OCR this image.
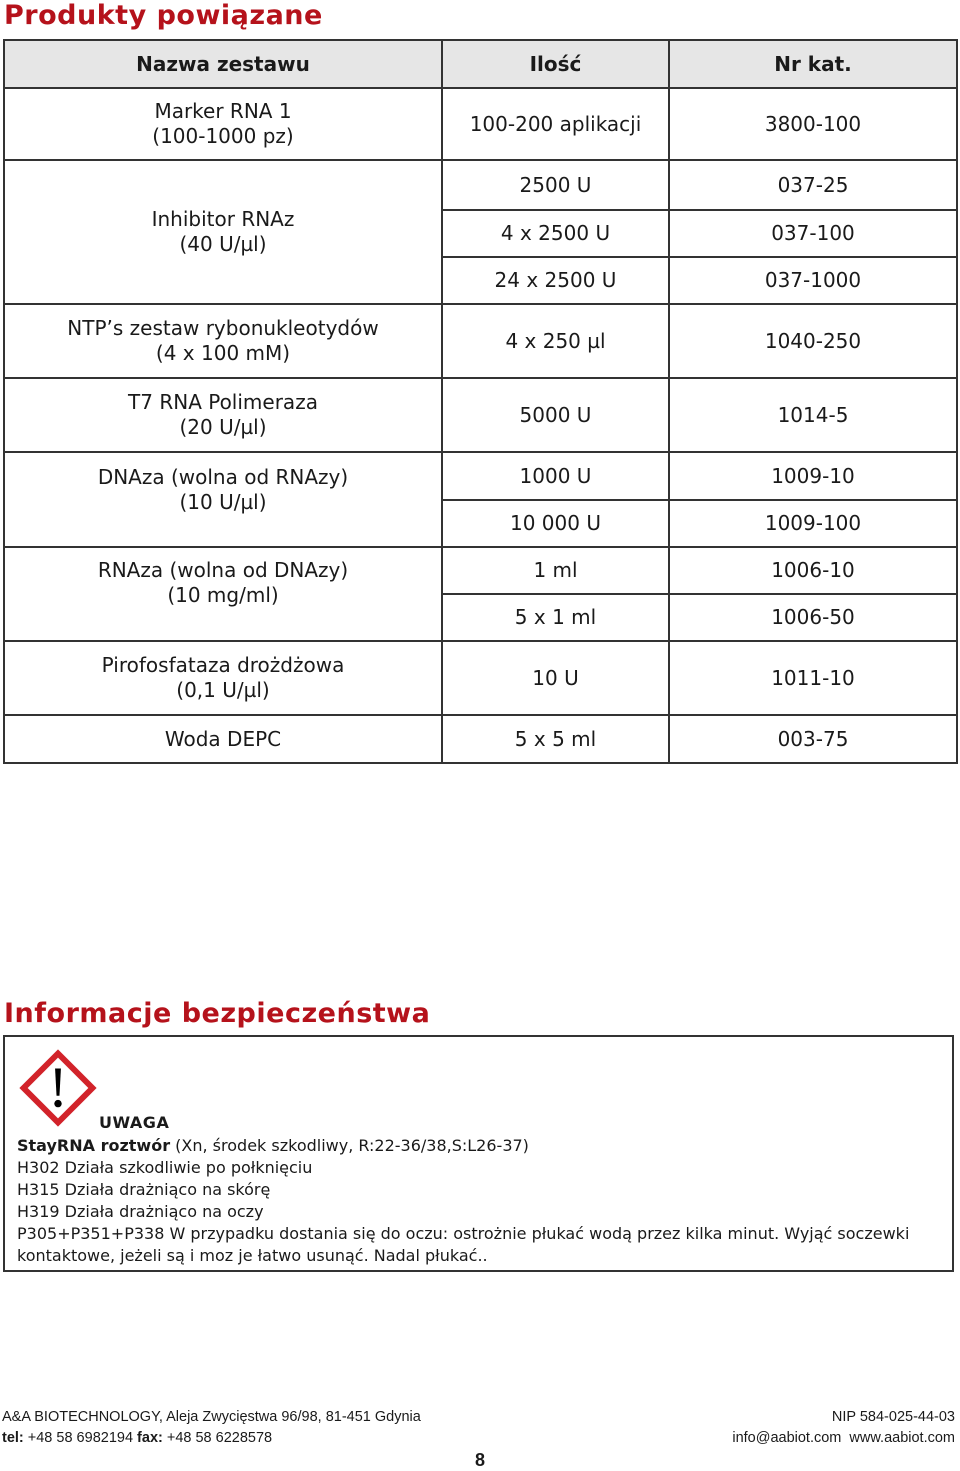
Produkty powiązane
Nazwa zestawu	Ilość	Nr kat.
Marker RNA 1
(100-1000 pz)	100-200 aplikacji	3800-100
Inhibitor RNAz
(40 U/µl)	2500 U	037-25
	4 x 2500 U	037-100
	24 x 2500 U	037-1000
NTP’s zestaw rybonukleotydów
(4 x 100 mM)	4 x 250 µl	1040-250
T7 RNA Polimeraza
(20 U/µl)	5000 U	1014-5
DNAza (wolna od RNAzy)
(10 U/µl)	1000 U	1009-10
	10 000 U	1009-100
RNAza (wolna od DNAzy)
(10 mg/ml)	1 ml	1006-10
	5 x 1 ml	1006-50
Pirofosfataza drożdżowa
(0,1 U/µl)	10 U	1011-10
Woda DEPC	5 x 5 ml	003-75
Informacje bezpieczeństwa
UWAGA
StayRNA roztwór (Xn, środek szkodliwy, R:22-36/38,S:L26-37)
H302 Działa szkodliwie po połknięciu
H315 Działa drażniąco na skórę
H319 Działa drażniąco na oczy
P305+P351+P338 W przypadku dostania się do oczu: ostrożnie płukać wodą przez kilka minut. Wyjąć soczewki kontaktowe, jeżeli są i moz je łatwo usunąć. Nadal płukać..
A&A BIOTECHNOLOGY, Aleja Zwycięstwa 96/98, 81-451 Gdynia
tel: +48 58 6982194 fax: +48 58 6228578
NIP 584-025-44-03
info@aabiot.com  www.aabiot.com
8
